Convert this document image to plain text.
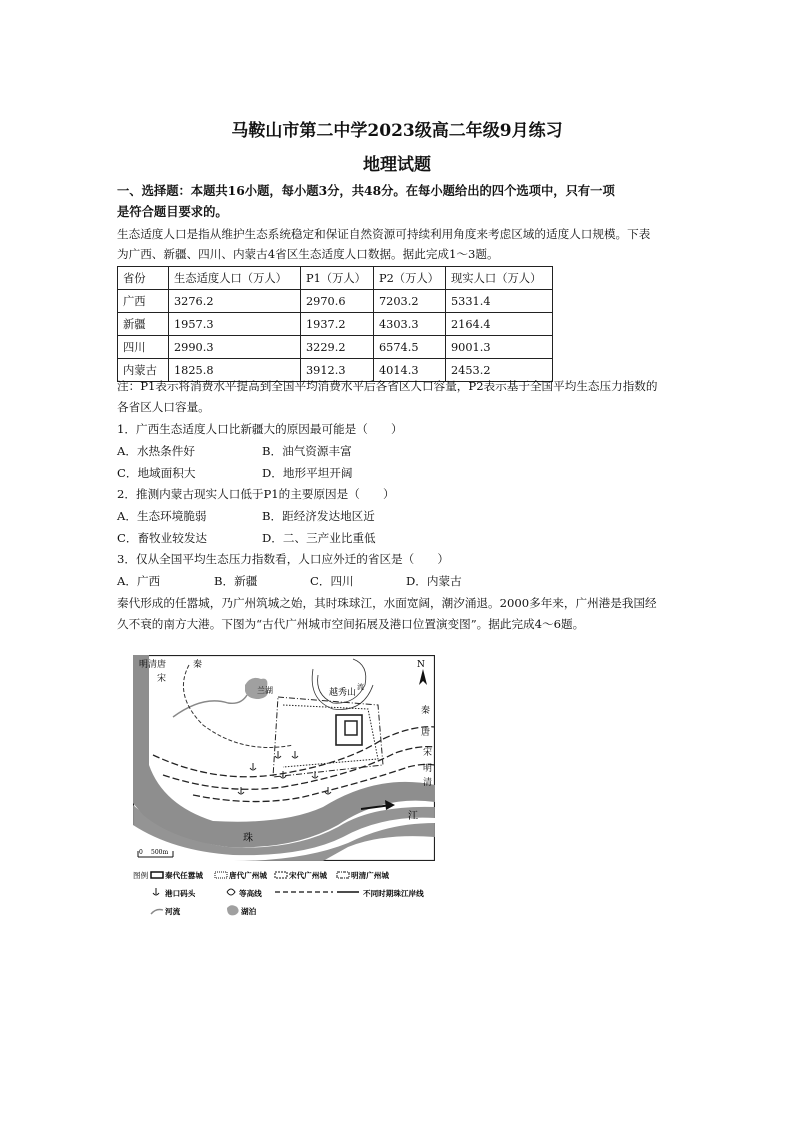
马鞍山市第二中学2023级高二年级9月练习
地理试题
一、选择题：本题共16小题，每小题3分，共48分。在每小题给出的四个选项中，只有一项
是符合题目要求的。
生态适度人口是指从维护生态系统稳定和保证自然资源可持续利用角度来考虑区域的适度人口规模。下表
为广西、新疆、四川、内蒙古4省区生态适度人口数据。据此完成1～3题。
省份	生态适度人口（万人）	P1（万人）	P2（万人）	现实人口（万人）
广西	3276.2	2970.6	7203.2	5331.4
新疆	1957.3	1937.2	4303.3	2164.4
四川	2990.3	3229.2	6574.5	9001.3
内蒙古	1825.8	3912.3	4014.3	2453.2
注：P1表示将消费水平提高到全国平均消费水平后各省区人口容量，P2表示基于全国平均生态压力指数的
各省区人口容量。
1．广西生态适度人口比新疆大的原因最可能是（　　）
A．水热条件好	B．油气资源丰富
C．地域面积大	D．地形平坦开阔
2．推测内蒙古现实人口低于P1的主要原因是（　　）
A．生态环境脆弱	B．距经济发达地区近
C．畜牧业较发达	D．二、三产业比重低
3．仅从全国平均生态压力指数看，人口应外迁的省区是（　　）
A．广西	B．新疆	C．四川	D．内蒙古
秦代形成的任嚣城，乃广州筑城之始，其时珠球江，水面宽阔，潮汐涌退。2000多年来，广州港是我国经
久不衰的南方大港。下图为“古代广州城市空间拓展及港口位置演变图”。据此完成4～6题。
明清 唐
宋
秦
兰湖	越秀山
流
秦
唐
宋
明
清
江
珠
N
0 500m
图例 秦代任嚣城	唐代广州城	宋代广州城	明清广州城
港口码头	等高线	不同时期珠江岸线
河流	湖泊
